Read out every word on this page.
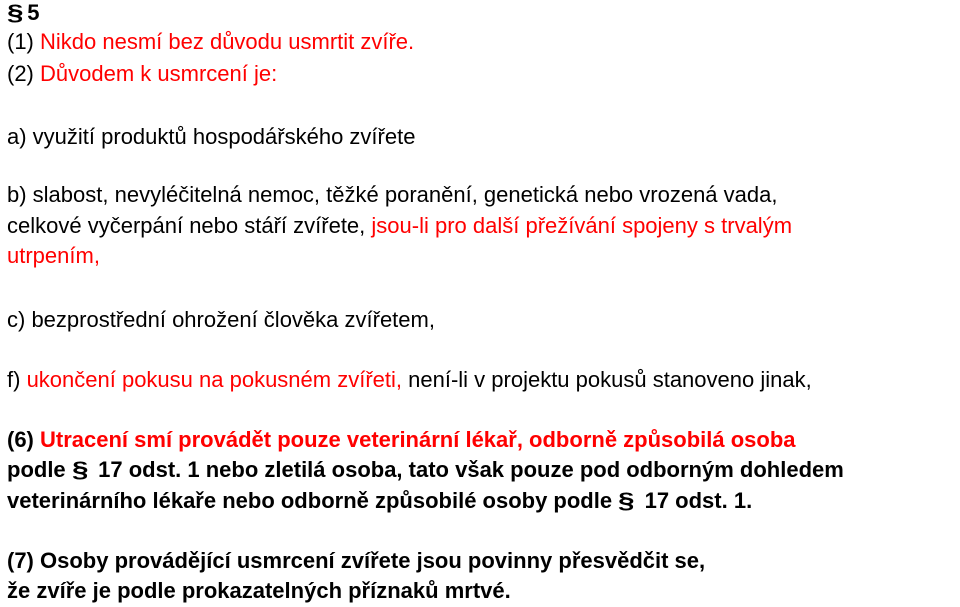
§ 5
(1) Nikdo nesmí bez důvodu usmrtit zvíře.
(2) Důvodem k usmrcení je:
a) využití produktů hospodářského zvířete
b) slabost, nevyléčitelná nemoc, těžké poranění, genetická nebo vrozená vada,
celkové vyčerpání nebo stáří zvířete, jsou-li pro další přežívání spojeny s trvalým
utrpením,
c) bezprostřední ohrožení člověka zvířetem,
f) ukončení pokusu na pokusném zvířeti, není-li v projektu pokusů stanoveno jinak,
(6) Utracení smí provádět pouze veterinární lékař, odborně způsobilá osoba
podle § 17 odst. 1 nebo zletilá osoba, tato však pouze pod odborným dohledem
veterinárního lékaře nebo odborně způsobilé osoby podle § 17 odst. 1.
(7) Osoby provádějící usmrcení zvířete jsou povinny přesvědčit se,
že zvíře je podle prokazatelných příznaků mrtvé.
